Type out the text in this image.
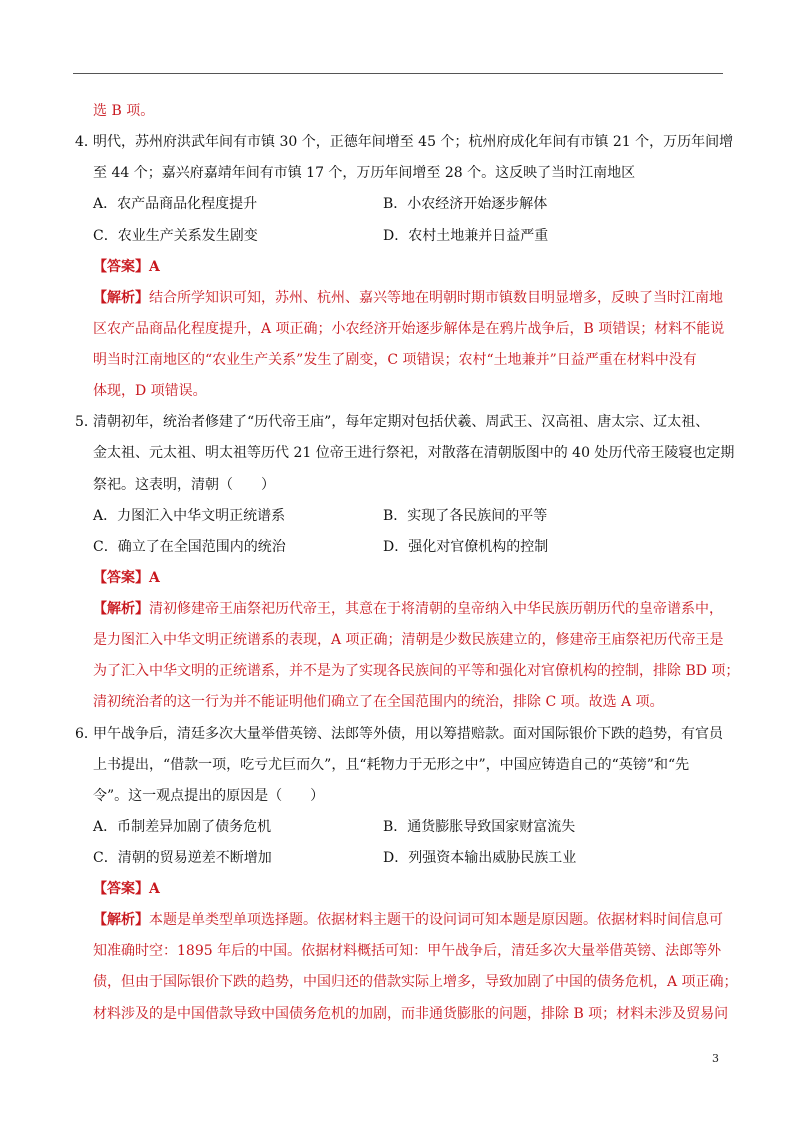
选 B 项。
4．明代，苏州府洪武年间有市镇 30 个，正德年间增至 45 个；杭州府成化年间有市镇 21 个，万历年间增
至 44 个；嘉兴府嘉靖年间有市镇 17 个，万历年间增至 28 个。这反映了当时江南地区
A．农产品商品化程度提升	B．小农经济开始逐步解体
C．农业生产关系发生剧变	D．农村土地兼并日益严重
【答案】A
【解析】结合所学知识可知，苏州、杭州、嘉兴等地在明朝时期市镇数目明显增多，反映了当时江南地
区农产品商品化程度提升，A 项正确；小农经济开始逐步解体是在鸦片战争后，B 项错误；材料不能说
明当时江南地区的“农业生产关系”发生了剧变，C 项错误；农村“土地兼并”日益严重在材料中没有
体现，D 项错误。
5．清朝初年，统治者修建了“历代帝王庙”，每年定期对包括伏羲、周武王、汉高祖、唐太宗、辽太祖、
金太祖、元太祖、明太祖等历代 21 位帝王进行祭祀，对散落在清朝版图中的 40 处历代帝王陵寝也定期
祭祀。这表明，清朝（　　）
A．力图汇入中华文明正统谱系	B．实现了各民族间的平等
C．确立了在全国范围内的统治	D．强化对官僚机构的控制
【答案】A
【解析】清初修建帝王庙祭祀历代帝王，其意在于将清朝的皇帝纳入中华民族历朝历代的皇帝谱系中，
是力图汇入中华文明正统谱系的表现，A 项正确；清朝是少数民族建立的，修建帝王庙祭祀历代帝王是
为了汇入中华文明的正统谱系，并不是为了实现各民族间的平等和强化对官僚机构的控制，排除 BD 项；
清初统治者的这一行为并不能证明他们确立了在全国范围内的统治，排除 C 项。故选 A 项。
6．甲午战争后，清廷多次大量举借英镑、法郎等外债，用以筹措赔款。面对国际银价下跌的趋势，有官员
上书提出，“借款一项，吃亏尤巨而久”，且“耗物力于无形之中”，中国应铸造自己的“英镑”和“先
令”。这一观点提出的原因是（　　）
A．币制差异加剧了债务危机	B．通货膨胀导致国家财富流失
C．清朝的贸易逆差不断增加	D．列强资本输出威胁民族工业
【答案】A
【解析】本题是单类型单项选择题。依据材料主题干的设问词可知本题是原因题。依据材料时间信息可
知准确时空：1895 年后的中国。依据材料概括可知：甲午战争后，清廷多次大量举借英镑、法郎等外
债，但由于国际银价下跌的趋势，中国归还的借款实际上增多，导致加剧了中国的债务危机，A 项正确；
材料涉及的是中国借款导致中国债务危机的加剧，而非通货膨胀的问题，排除 B 项；材料未涉及贸易问
3
